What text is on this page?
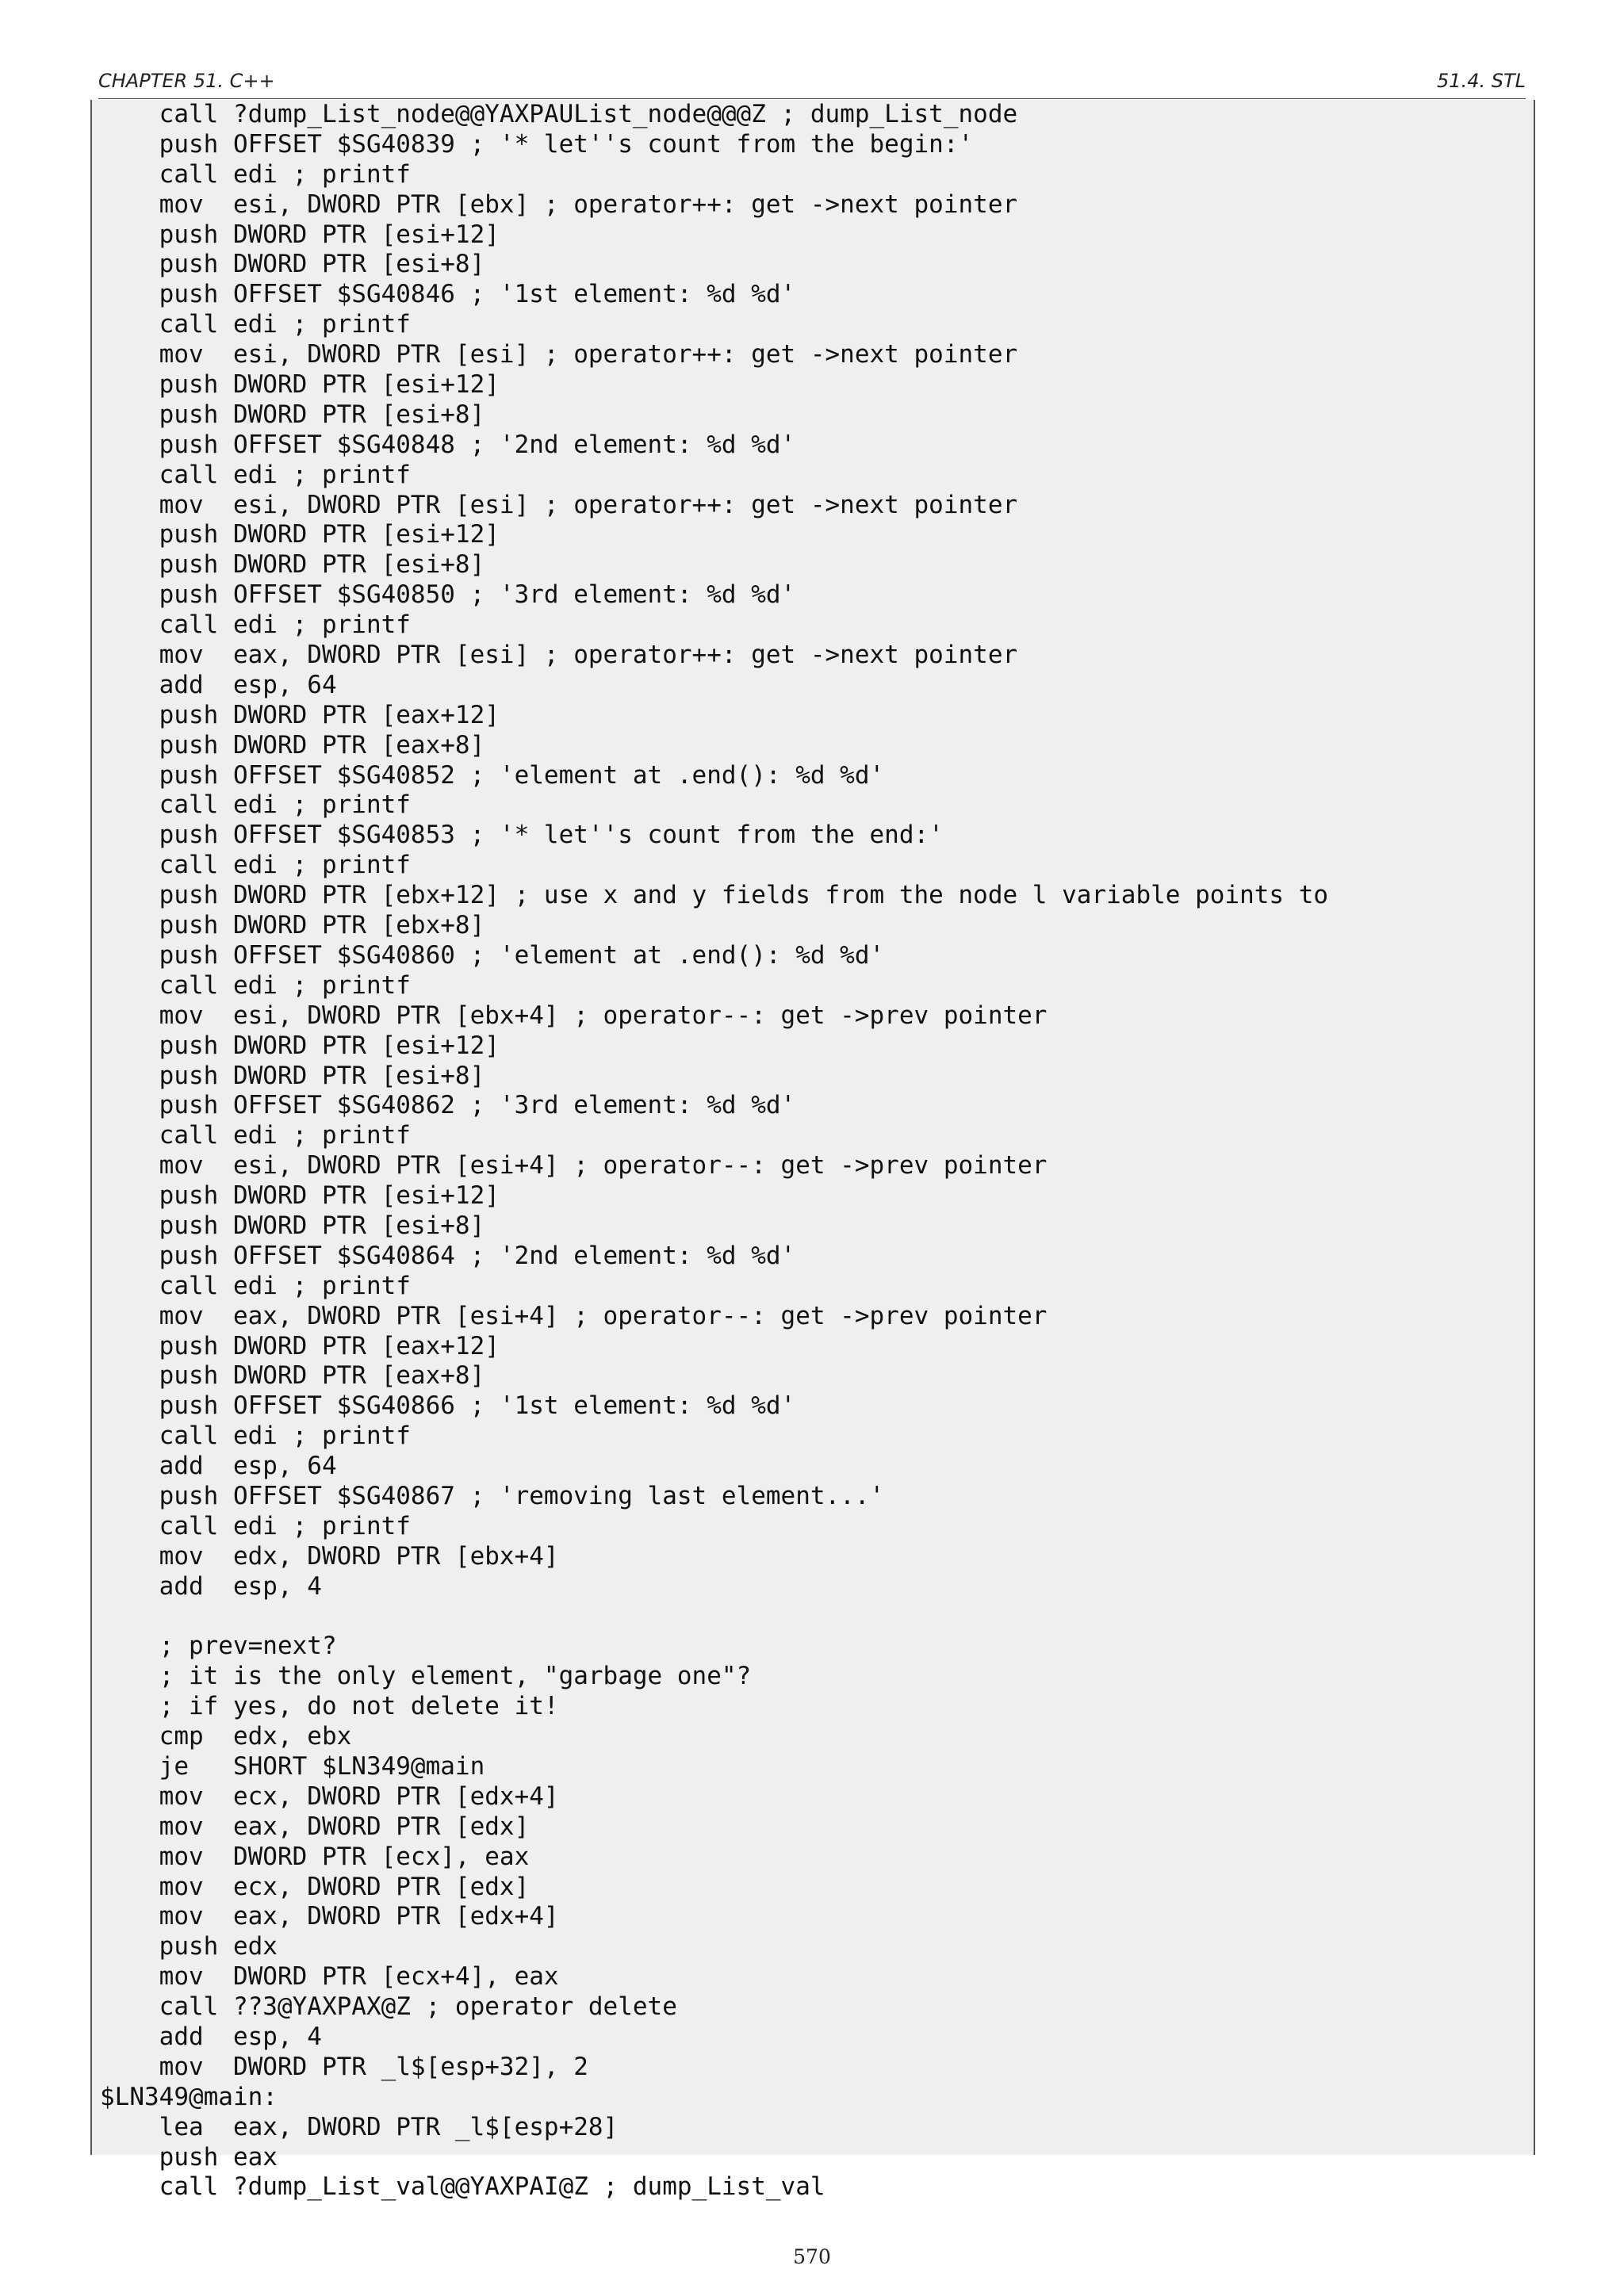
CHAPTER 51. C++	51.4. STL
call ?dump_List_node@@YAXPAUList_node@@@Z ; dump_List_node
push OFFSET $SG40839 ; '* let''s count from the begin:'
call edi ; printf
mov  esi, DWORD PTR [ebx] ; operator++: get ->next pointer
push DWORD PTR [esi+12]
push DWORD PTR [esi+8]
push OFFSET $SG40846 ; '1st element: %d %d'
call edi ; printf
mov  esi, DWORD PTR [esi] ; operator++: get ->next pointer
push DWORD PTR [esi+12]
push DWORD PTR [esi+8]
push OFFSET $SG40848 ; '2nd element: %d %d'
call edi ; printf
mov  esi, DWORD PTR [esi] ; operator++: get ->next pointer
push DWORD PTR [esi+12]
push DWORD PTR [esi+8]
push OFFSET $SG40850 ; '3rd element: %d %d'
call edi ; printf
mov  eax, DWORD PTR [esi] ; operator++: get ->next pointer
add  esp, 64
push DWORD PTR [eax+12]
push DWORD PTR [eax+8]
push OFFSET $SG40852 ; 'element at .end(): %d %d'
call edi ; printf
push OFFSET $SG40853 ; '* let''s count from the end:'
call edi ; printf
push DWORD PTR [ebx+12] ; use x and y fields from the node l variable points to
push DWORD PTR [ebx+8]
push OFFSET $SG40860 ; 'element at .end(): %d %d'
call edi ; printf
mov  esi, DWORD PTR [ebx+4] ; operator--: get ->prev pointer
push DWORD PTR [esi+12]
push DWORD PTR [esi+8]
push OFFSET $SG40862 ; '3rd element: %d %d'
call edi ; printf
mov  esi, DWORD PTR [esi+4] ; operator--: get ->prev pointer
push DWORD PTR [esi+12]
push DWORD PTR [esi+8]
push OFFSET $SG40864 ; '2nd element: %d %d'
call edi ; printf
mov  eax, DWORD PTR [esi+4] ; operator--: get ->prev pointer
push DWORD PTR [eax+12]
push DWORD PTR [eax+8]
push OFFSET $SG40866 ; '1st element: %d %d'
call edi ; printf
add  esp, 64
push OFFSET $SG40867 ; 'removing last element...'
call edi ; printf
mov  edx, DWORD PTR [ebx+4]
add  esp, 4
; prev=next?
; it is the only element, "garbage one"?
; if yes, do not delete it!
cmp  edx, ebx
je   SHORT $LN349@main
mov  ecx, DWORD PTR [edx+4]
mov  eax, DWORD PTR [edx]
mov  DWORD PTR [ecx], eax
mov  ecx, DWORD PTR [edx]
mov  eax, DWORD PTR [edx+4]
push edx
mov  DWORD PTR [ecx+4], eax
call ??3@YAXPAX@Z ; operator delete
add  esp, 4
mov  DWORD PTR _l$[esp+32], 2
$LN349@main:
lea  eax, DWORD PTR _l$[esp+28]
push eax
call ?dump_List_val@@YAXPAI@Z ; dump_List_val
570
